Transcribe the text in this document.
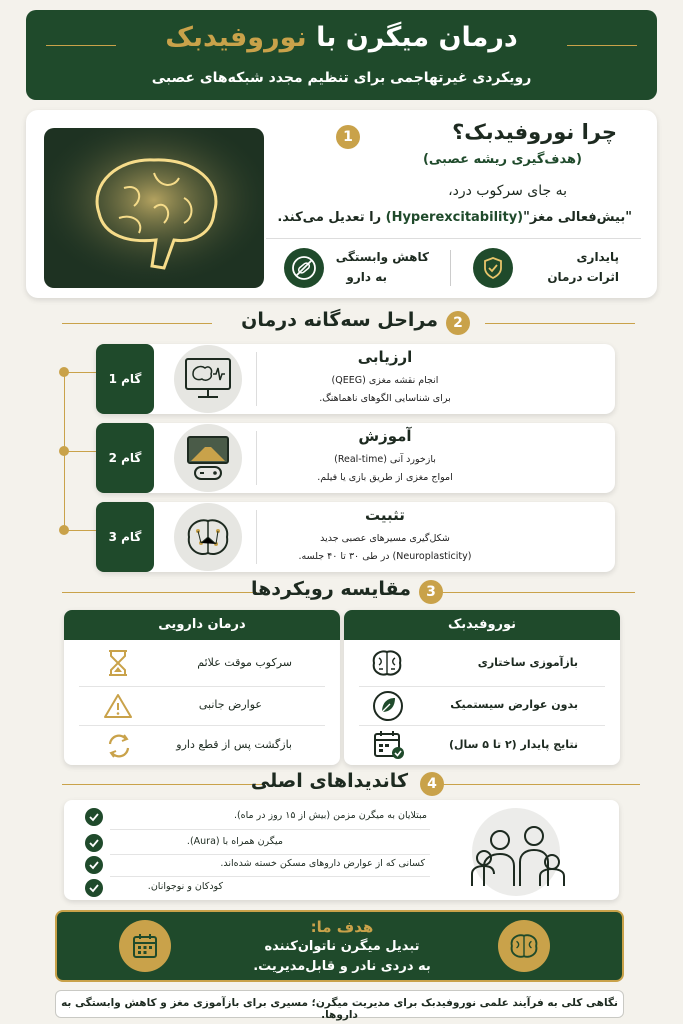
درمان میگرن با نوروفیدبک
رویکردی غیرتهاجمی برای تنظیم مجدد شبکه‌های عصبی
1	چرا نوروفیدبک؟
(هدف‌گیری ریشه عصبی)
به جای سرکوب درد،
"بیش‌فعالی مغز"(Hyperexcitability) را تعدیل می‌کند.
پایداری
اثرات درمان
کاهش وابستگی
به دارو
2
مراحل سه‌گانه درمان
گام 1
ارزیابی
انجام نقشه مغزی (QEEG)
برای شناسایی الگوهای ناهماهنگ.
گام 2
آموزش
بازخورد آنی (Real-time)
امواج مغزی از طریق بازی یا فیلم.
گام 3
تثبیت
شکل‌گیری مسیرهای عصبی جدید
(Neuroplasticity) در طی ۳۰ تا ۴۰ جلسه.
3
مقایسه رویکردها
درمان دارویی
سرکوب موقت علائم
عوارض جانبی
بازگشت پس از قطع دارو
نوروفیدبک
بازآموزی ساختاری
بدون عوارض سیستمیک
نتایج پایدار (۲ تا ۵ سال)
4
کاندیداهای اصلی
مبتلایان به میگرن مزمن (بیش از ۱۵ روز در ماه).
میگرن همراه با (Aura).
کسانی که از عوارض داروهای مسکن خسته شده‌اند.
کودکان و نوجوانان.
هدف ما:
تبدیل میگرن ناتوان‌کننده
به دردی نادر و قابل‌مدیریت.
نگاهی کلی به فرآیند علمی نوروفیدبک برای مدیریت میگرن؛ مسیری برای بازآموزی مغز و کاهش وابستگی به داروها.
